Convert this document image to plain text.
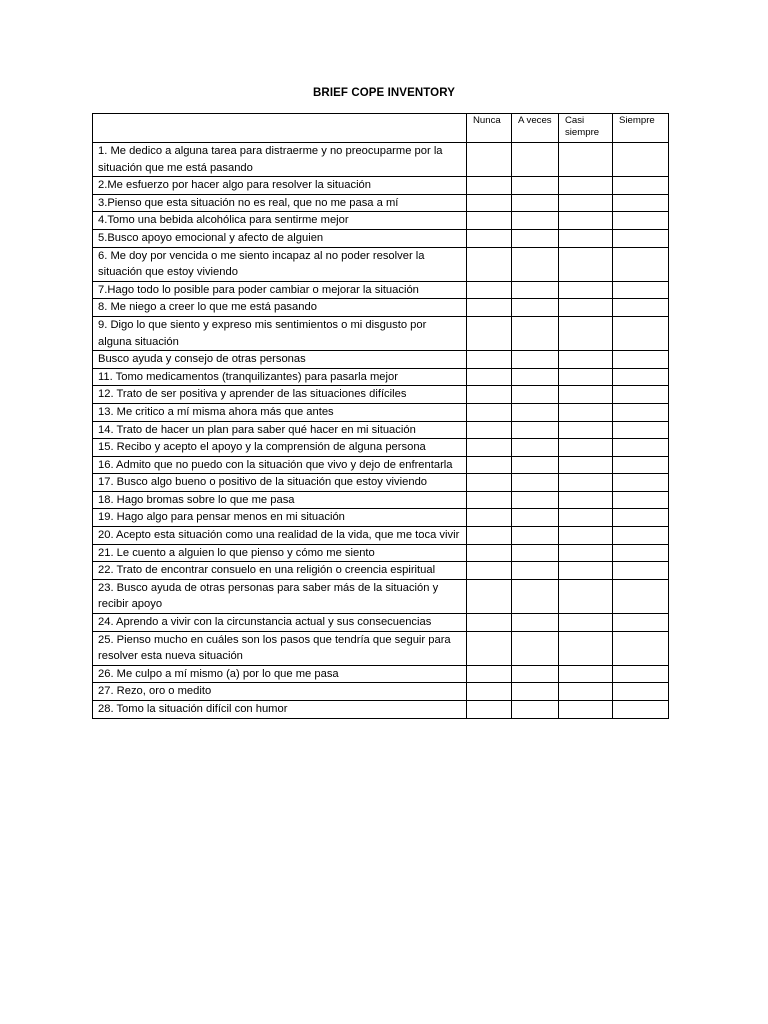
BRIEF COPE INVENTORY
	Nunca	A veces	Casi siempre	Siempre
1. Me dedico a alguna tarea para distraerme y no preocuparme por la situación que me está pasando				
2.Me esfuerzo por hacer algo para resolver la situación				
3.Pienso que esta situación no es real, que no me pasa a mí				
4.Tomo una bebida alcohólica para sentirme mejor				
5.Busco apoyo emocional y afecto de alguien				
6. Me doy por vencida o me siento incapaz al no poder resolver la situación que estoy viviendo				
7.Hago todo lo posible para poder cambiar o mejorar la situación				
8. Me niego a creer lo que me está pasando				
9. Digo lo que siento y expreso mis sentimientos o mi disgusto por alguna situación				
Busco ayuda y consejo de otras personas				
11. Tomo medicamentos (tranquilizantes) para pasarla mejor				
12. Trato de ser positiva y aprender de las situaciones difíciles				
13. Me critico a mí misma ahora más que antes				
14. Trato de hacer un plan para saber qué hacer en mi situación				
15. Recibo y acepto el apoyo y la comprensión de alguna persona				
16. Admito que no puedo con la situación que vivo y dejo de enfrentarla				
17. Busco algo bueno o positivo de la situación que estoy viviendo				
18. Hago bromas sobre lo que me pasa				
19. Hago algo para pensar menos en mi situación				
20. Acepto esta situación como una realidad de la vida, que me toca vivir				
21. Le cuento a alguien lo que pienso y cómo me siento				
22. Trato de encontrar consuelo en una religión o creencia espiritual				
23. Busco ayuda de otras personas para saber más de la situación y recibir apoyo				
24. Aprendo a vivir con la circunstancia actual y sus consecuencias				
25. Pienso mucho en cuáles son los pasos que tendría que seguir para resolver esta nueva situación				
26. Me culpo a mí mismo (a) por lo que me pasa				
27. Rezo, oro o medito				
28. Tomo la situación difícil con humor				
